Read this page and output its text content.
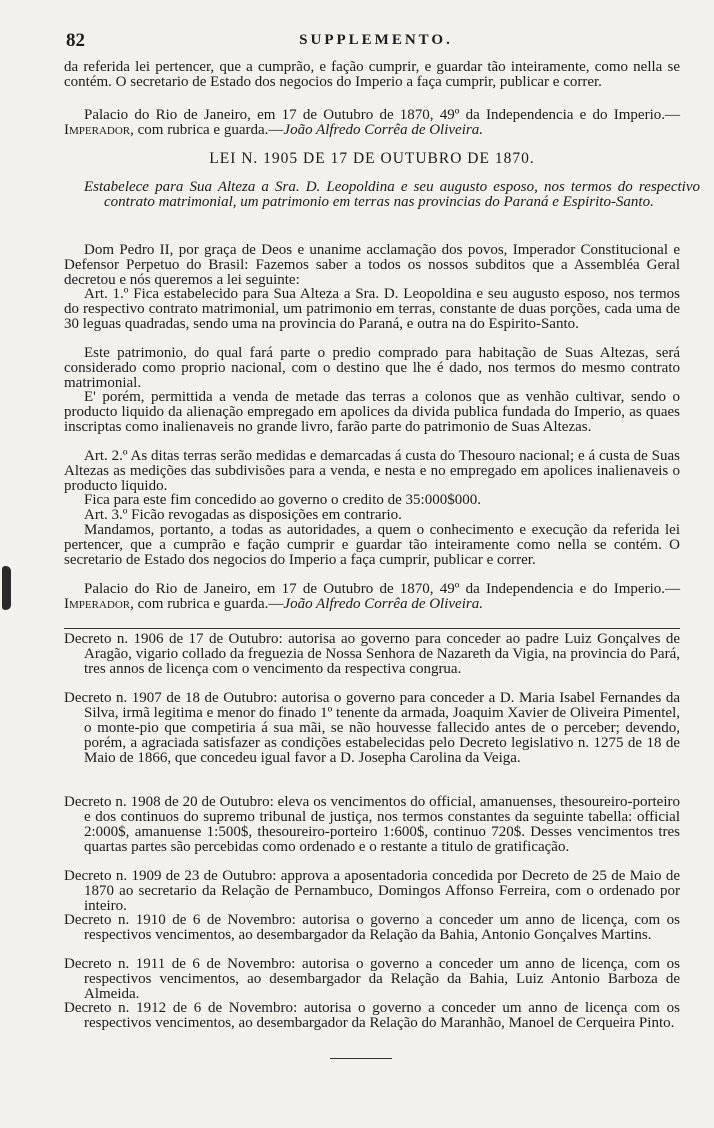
82	SUPPLEMENTO.

da referida lei pertencer, que a cumprão, e fação cumprir, e guardar tão inteiramente, como nella se contém. O secretario de Estado dos negocios do Imperio a faça cumprir, publicar e correr.

Palacio do Rio de Janeiro, em 17 de Outubro de 1870, 49º da Independencia e do Imperio.—Imperador, com rubrica e guarda.—João Alfredo Corrêa de Oliveira.

LEI N. 1905 DE 17 DE OUTUBRO DE 1870.

Estabelece para Sua Alteza a Sra. D. Leopoldina e seu augusto esposo, nos termos do respectivo contrato matrimonial, um patrimonio em terras nas provincias do Paraná e Espirito-Santo.

Dom Pedro II, por graça de Deos e unanime acclamação dos povos, Imperador Constitucional e Defensor Perpetuo do Brasil: Fazemos saber a todos os nossos subditos que a Assembléa Geral decretou e nós queremos a lei seguinte:

Art. 1.º Fica estabelecido para Sua Alteza a Sra. D. Leopoldina e seu augusto esposo, nos termos do respectivo contrato matrimonial, um patrimonio em terras, constante de duas porções, cada uma de 30 leguas quadradas, sendo uma na provincia do Paraná, e outra na do Espirito-Santo.

Este patrimonio, do qual fará parte o predio comprado para habitação de Suas Altezas, será considerado como proprio nacional, com o destino que lhe é dado, nos termos do mesmo contrato matrimonial.

E' porém, permittida a venda de metade das terras a colonos que as venhão cultivar, sendo o producto liquido da alienação empregado em apolices da divida publica fundada do Imperio, as quaes inscriptas como inalienaveis no grande livro, farão parte do patrimonio de Suas Altezas.

Art. 2.º As ditas terras serão medidas e demarcadas á custa do Thesouro nacional; e á custa de Suas Altezas as medições das subdivisões para a venda, e nesta e no empregado em apolices inalienaveis o producto liquido.

Fica para este fim concedido ao governo o credito de 35:000$000.

Art. 3.º Ficão revogadas as disposições em contrario.

Mandamos, portanto, a todas as autoridades, a quem o conhecimento e execução da referida lei pertencer, que a cumprão e fação cumprir e guardar tão inteiramente como nella se contém. O secretario de Estado dos negocios do Imperio a faça cumprir, publicar e correr.

Palacio do Rio de Janeiro, em 17 de Outubro de 1870, 49º da Independencia e do Imperio.—Imperador, com rubrica e guarda.—João Alfredo Corrêa de Oliveira.

Decreto n. 1906 de 17 de Outubro: autorisa ao governo para conceder ao padre Luiz Gonçalves de Aragão, vigario collado da freguezia de Nossa Senhora de Nazareth da Vigia, na provincia do Pará, tres annos de licença com o vencimento da respectiva congrua.

Decreto n. 1907 de 18 de Outubro: autorisa o governo para conceder a D. Maria Isabel Fernandes da Silva, irmã legitima e menor do finado 1º tenente da armada, Joaquim Xavier de Oliveira Pimentel, o monte-pio que competiria á sua mãi, se não houvesse fallecido antes de o perceber; devendo, porém, a agraciada satisfazer as condições estabelecidas pelo Decreto legislativo n. 1275 de 18 de Maio de 1866, que concedeu igual favor a D. Josepha Carolina da Veiga.

Decreto n. 1908 de 20 de Outubro: eleva os vencimentos do official, amanuenses, thesoureiro-porteiro e dos continuos do supremo tribunal de justiça, nos termos constantes da seguinte tabella: official 2:000$, amanuense 1:500$, thesoureiro-porteiro 1:600$, continuo 720$. Desses vencimentos tres quartas partes são percebidas como ordenado e o restante a titulo de gratificação.

Decreto n. 1909 de 23 de Outubro: approva a aposentadoria concedida por Decreto de 25 de Maio de 1870 ao secretario da Relação de Pernambuco, Domingos Affonso Ferreira, com o ordenado por inteiro.

Decreto n. 1910 de 6 de Novembro: autorisa o governo a conceder um anno de licença, com os respectivos vencimentos, ao desembargador da Relação da Bahia, Antonio Gonçalves Martins.

Decreto n. 1911 de 6 de Novembro: autorisa o governo a conceder um anno de licença, com os respectivos vencimentos, ao desembargador da Relação da Bahia, Luiz Antonio Barboza de Almeida.

Decreto n. 1912 de 6 de Novembro: autorisa o governo a conceder um anno de licença com os respectivos vencimentos, ao desembargador da Relação do Maranhão, Manoel de Cerqueira Pinto.
